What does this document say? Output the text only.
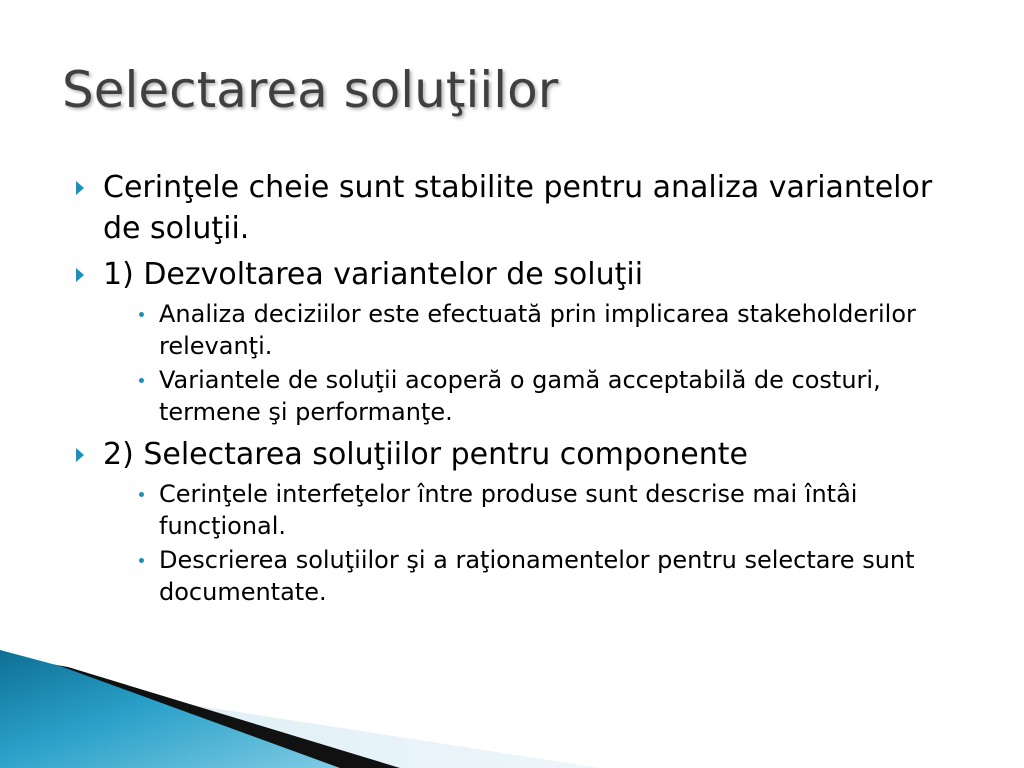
Selectarea soluţiilor
Cerinţele cheie sunt stabilite pentru analiza variantelor de soluţii.
1) Dezvoltarea variantelor de soluţii
Analiza deciziilor este efectuată prin implicarea stakeholderilor relevanţi.
Variantele de soluţii acoperă o gamă acceptabilă de costuri, termene şi performanţe.
2) Selectarea soluţiilor pentru componente
Cerinţele interfeţelor între produse sunt descrise mai întâi funcţional.
Descrierea soluţiilor şi a raţionamentelor pentru selectare sunt documentate.
